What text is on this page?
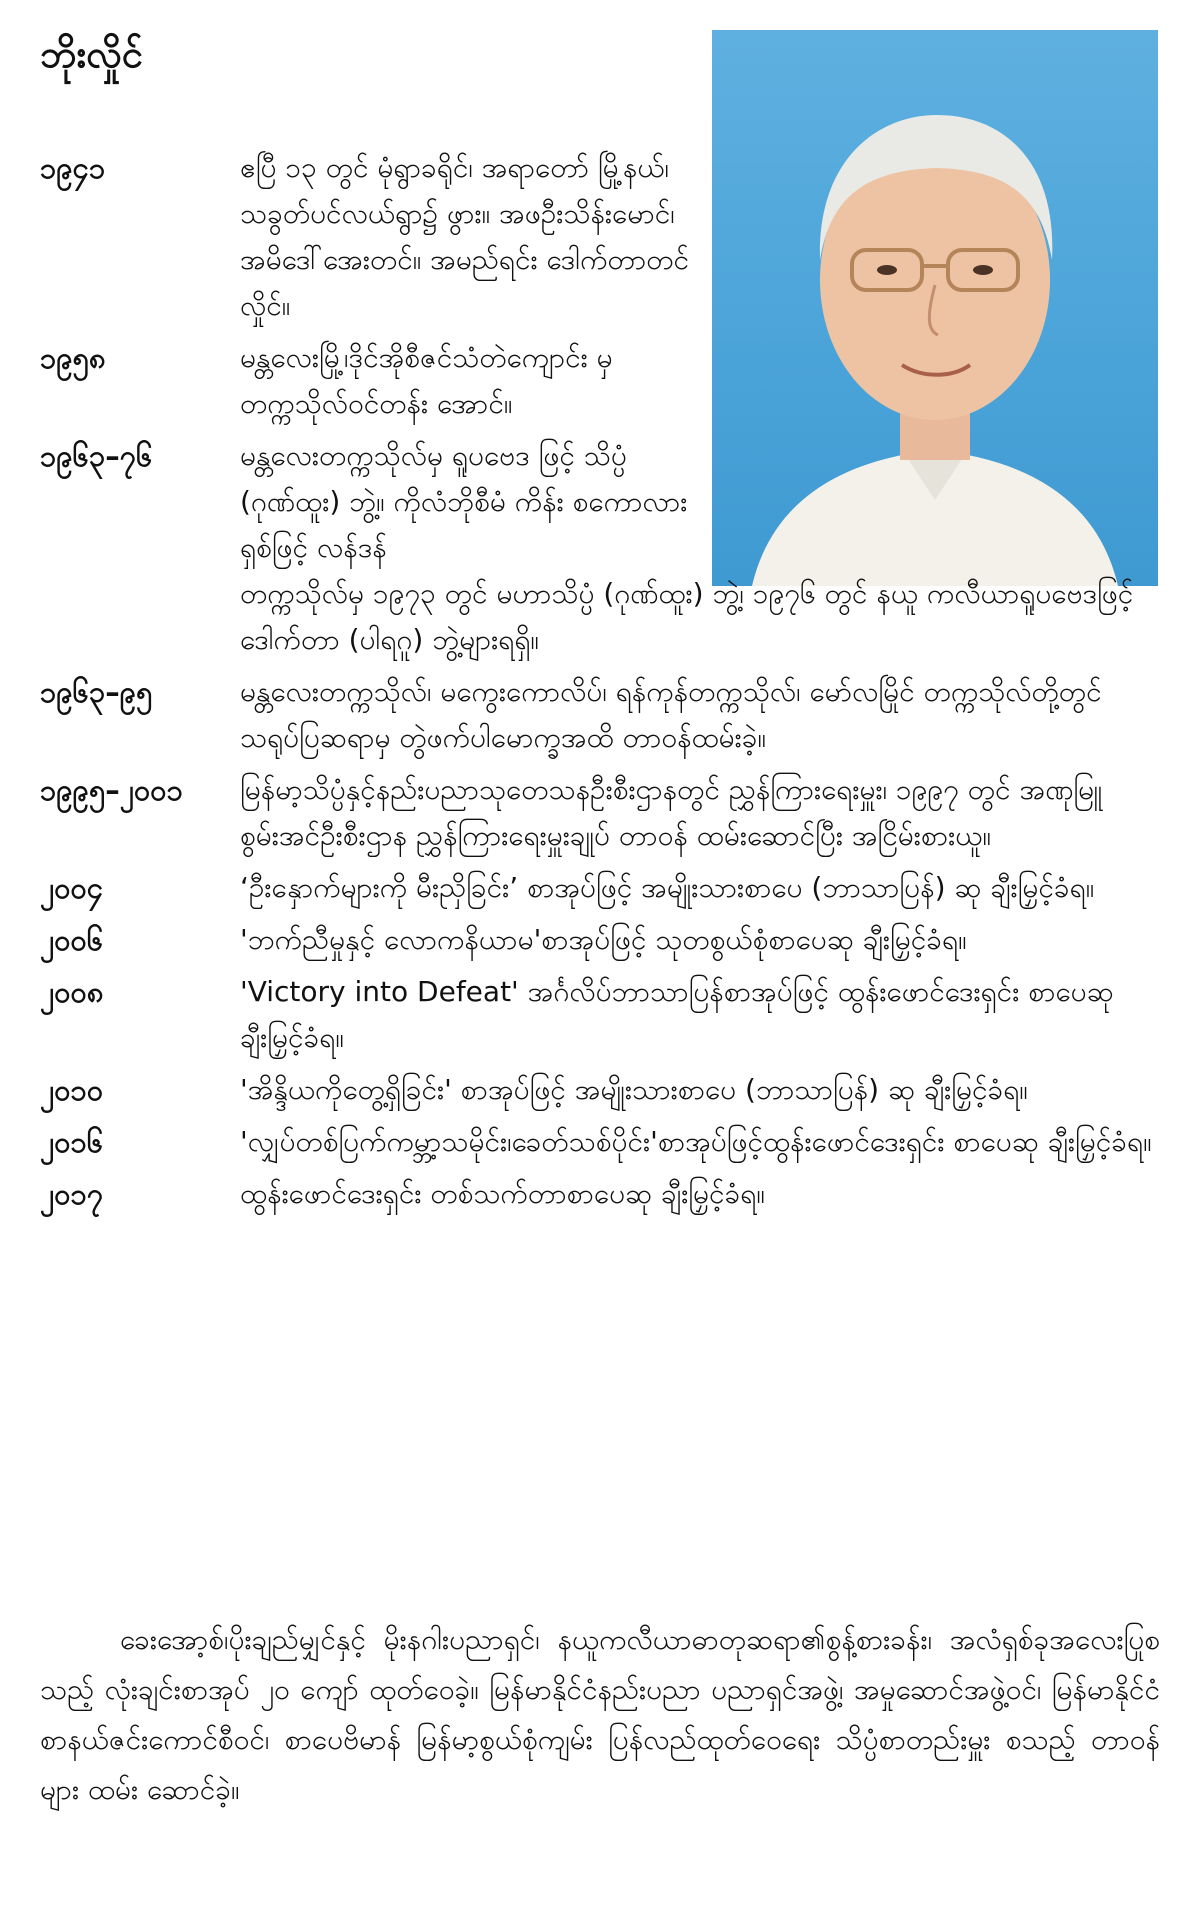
ဘိုးလှိုင်
၁၉၄၁	ဧပြီ ၁၃ တွင် မုံရွာခရိုင်၊ အရာတော် မြို့နယ်၊ သခွတ်ပင်လယ်ရွာ၌ ဖွား။ အဖဦးသိန်းမောင်၊အမိဒေါ်အေးတင်။ အမည်ရင်း ဒေါက်တာတင်လှိုင်။
၁၉၅၈	မန္တလေးမြို့၊ဒိုင်အိုစီဇင်သံတဲကျောင်း မှ တက္ကသိုလ်ဝင်တန်း အောင်။
၁၉၆၃–၇၆	မန္တလေးတက္ကသိုလ်မှ ရူပဗေဒ ဖြင့် သိပ္ပံ (ဂုဏ်ထူး) ဘွဲ့။ ကိုလံဘိုစီမံ ကိန်း စကောလားရှစ်ဖြင့် လန်ဒန်
တက္ကသိုလ်မှ ၁၉၇၃ တွင် မဟာသိပ္ပံ (ဂုဏ်ထူး) ဘွဲ့၊ ၁၉၇၆ တွင် နယူ ကလီယာရူပဗေဒဖြင့် ဒေါက်တာ (ပါရဂူ) ဘွဲ့များရရှိ။
၁၉၆၃–၉၅	မန္တလေးတက္ကသိုလ်၊ မကွေးကောလိပ်၊ ရန်ကုန်တက္ကသိုလ်၊ မော်လမြိုင် တက္ကသိုလ်တို့တွင် သရုပ်ပြဆရာမှ တွဲဖက်ပါမောက္ခအထိ တာဝန်ထမ်းခဲ့။
၁၉၉၅–၂၀၀၁	မြန်မာ့သိပ္ပံနှင့်နည်းပညာသုတေသနဦးစီးဌာနတွင် ညွှန်ကြားရေးမှူး၊ ၁၉၉၇ တွင် အဏုမြူစွမ်းအင်ဦးစီးဌာန ညွှန်ကြားရေးမှူးချုပ် တာဝန် ထမ်းဆောင်ပြီး အငြိမ်းစားယူ။
၂၀၀၄	‘ဦးနှောက်များကို မီးညှိခြင်း’ စာအုပ်ဖြင့် အမျိုးသားစာပေ (ဘာသာပြန်) ဆု ချီးမြှင့်ခံရ။
၂၀၀၆	'ဘက်ညီမှုနှင့် လောကနိယာမ'စာအုပ်ဖြင့် သုတစွယ်စုံစာပေဆု ချီးမြှင့်ခံရ။
၂၀၀၈	'Victory into Defeat' အင်္ဂလိပ်ဘာသာပြန်စာအုပ်ဖြင့် ထွန်းဖောင်ဒေးရှင်း စာပေဆု ချီးမြှင့်ခံရ။
၂၀၁၀	'အိန္ဒိယကိုတွေ့ရှိခြင်း' စာအုပ်ဖြင့် အမျိုးသားစာပေ (ဘာသာပြန်) ဆု ချီးမြှင့်ခံရ။
၂၀၁၆	'လျှပ်တစ်ပြက်ကမ္ဘာ့သမိုင်း၊ခေတ်သစ်ပိုင်း'စာအုပ်ဖြင့်ထွန်းဖောင်ဒေးရှင်း စာပေဆု ချီးမြှင့်ခံရ။
၂၀၁၇	ထွန်းဖောင်ဒေးရှင်း တစ်သက်တာစာပေဆု ချီးမြှင့်ခံရ။

ခေးအော့စ်၊ပိုးချည်မျှင်နှင့် မိုးနဂါးပညာရှင်၊ နယူကလီယာဓာတုဆရာ၏စွန့်စားခန်း၊ အလံရှစ်ခုအလေးပြုစသည့် လုံးချင်းစာအုပ် ၂၀ ကျော် ထုတ်ဝေခဲ့။ မြန်မာနိုင်ငံနည်းပညာ ပညာရှင်အဖွဲ့၊ အမှုဆောင်အဖွဲ့ဝင်၊ မြန်မာနိုင်ငံစာနယ်ဇင်းကောင်စီဝင်၊ စာပေဗိမာန် မြန်မာ့စွယ်စုံကျမ်း ပြန်လည်ထုတ်ဝေရေး သိပ္ပံစာတည်းမှူး စသည့် တာဝန်များ ထမ်း ဆောင်ခဲ့။
